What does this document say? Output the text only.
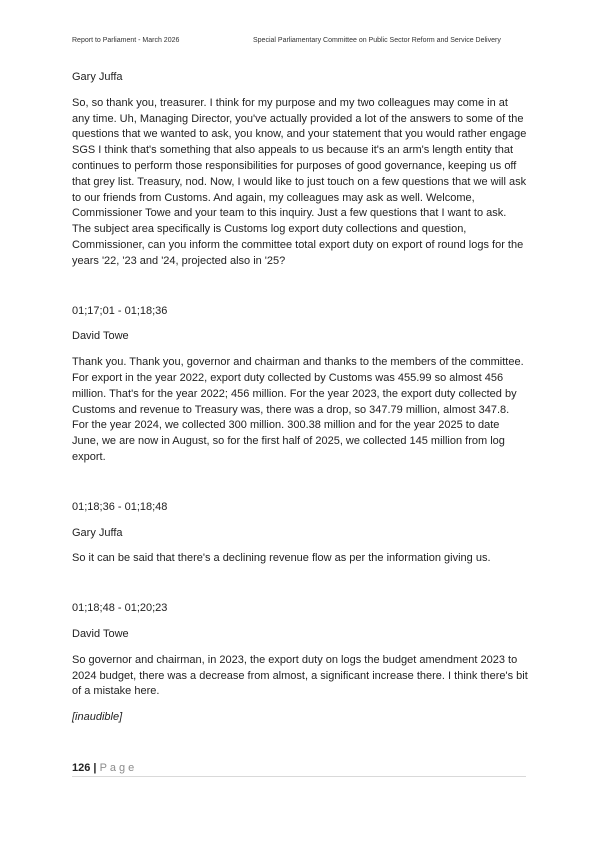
Report to Parliament - March 2026	Special Parliamentary Committee on Public Sector Reform and Service Delivery

Gary Juffa

So, so thank you, treasurer. I think for my purpose and my two colleagues may come in at any time. Uh, Managing Director, you've actually provided a lot of the answers to some of the questions that we wanted to ask, you know, and your statement that you would rather engage SGS I think that's something that also appeals to us because it's an arm's length entity that continues to perform those responsibilities for purposes of good governance, keeping us off that grey list. Treasury, nod. Now, I would like to just touch on a few questions that we will ask to our friends from Customs. And again, my colleagues may ask as well. Welcome, Commissioner Towe and your team to this inquiry. Just a few questions that I want to ask. The subject area specifically is Customs log export duty collections and question, Commissioner, can you inform the committee total export duty on export of round logs for the years '22, '23 and '24, projected also in '25?

01;17;01 - 01;18;36

David Towe

Thank you. Thank you, governor and chairman and thanks to the members of the committee. For export in the year 2022, export duty collected by Customs was 455.99 so almost 456 million. That's for the year 2022; 456 million. For the year 2023, the export duty collected by Customs and revenue to Treasury was, there was a drop, so 347.79 million, almost 347.8. For the year 2024, we collected 300 million. 300.38 million and for the year 2025 to date June, we are now in August, so for the first half of 2025, we collected 145 million from log export.

01;18;36 - 01;18;48

Gary Juffa

So it can be said that there's a declining revenue flow as per the information giving us.

01;18;48 - 01;20;23

David Towe

So governor and chairman, in 2023, the export duty on logs the budget amendment 2023 to 2024 budget, there was a decrease from almost, a significant increase there. I think there's bit of a mistake here.

[inaudible]

126 | Page
